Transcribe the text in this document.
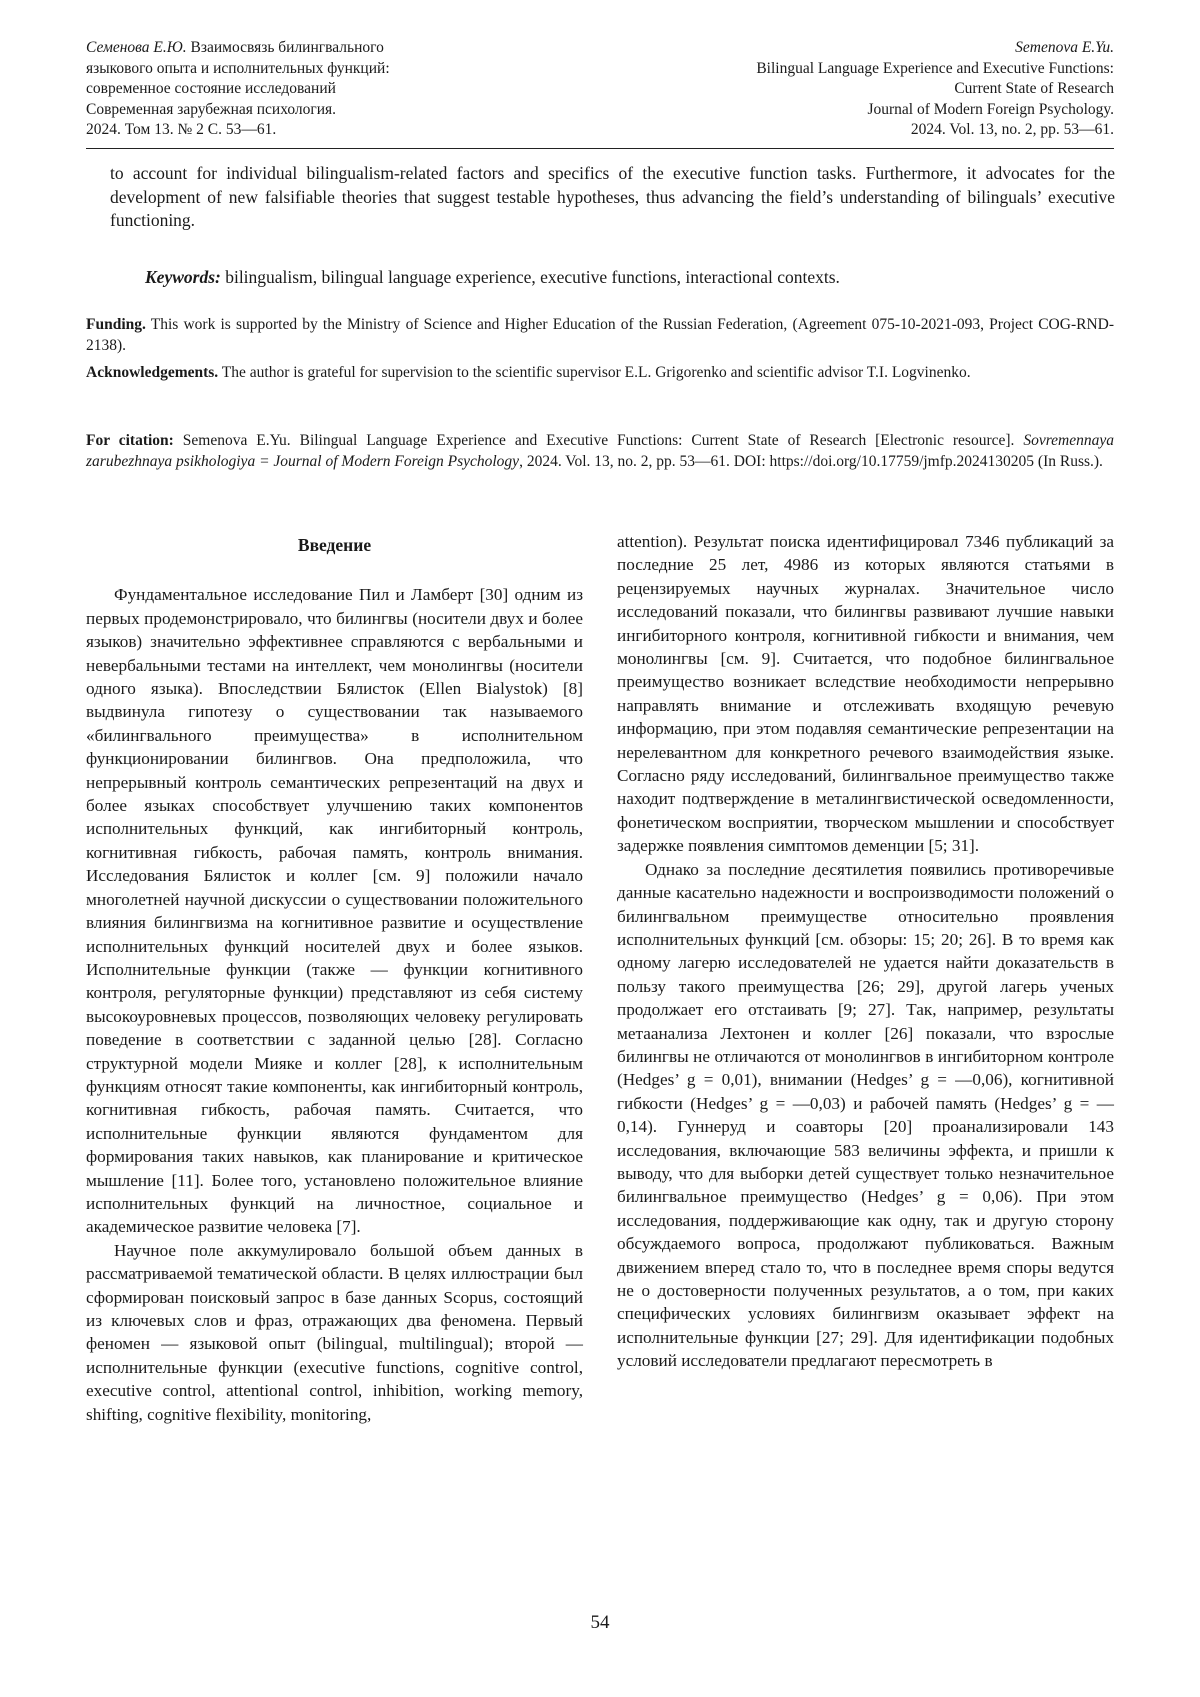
Семенова Е.Ю. Взаимосвязь билингвального
языкового опыта и исполнительных функций:
современное состояние исследований
Современная зарубежная психология.
2024. Том 13. № 2 С. 53—61.
Semenova E.Yu.
Bilingual Language Experience and Executive Functions:
Current State of Research
Journal of Modern Foreign Psychology.
2024. Vol. 13, no. 2, pp. 53—61.
to account for individual bilingualism-related factors and specifics of the executive function tasks. Furthermore, it advocates for the development of new falsifiable theories that suggest testable hypotheses, thus advancing the field’s understanding of bilinguals’ executive functioning.
Keywords: bilingualism, bilingual language experience, executive functions, interactional contexts.
Funding. This work is supported by the Ministry of Science and Higher Education of the Russian Federation, (Agreement 075-10-2021-093, Project COG-RND-2138).
Acknowledgements. The author is grateful for supervision to the scientific supervisor E.L. Grigorenko and scientific advisor T.I. Logvinenko.
For citation: Semenova E.Yu. Bilingual Language Experience and Executive Functions: Current State of Research [Electronic resource]. Sovremennaya zarubezhnaya psikhologiya = Journal of Modern Foreign Psychology, 2024. Vol. 13, no. 2, pp. 53—61. DOI: https://doi.org/10.17759/jmfp.2024130205 (In Russ.).
Введение

Фундаментальное исследование Пил и Ламберт [30] одним из первых продемонстрировало, что билингвы (носители двух и более языков) значительно эффективнее справляются с вербальными и невербальными тестами на интеллект, чем монолингвы (носители одного языка). Впоследствии Бялисток (Ellen Bialystok) [8] выдвинула гипотезу о существовании так называемого «билингвального преимущества» в исполнительном функционировании билингвов. Она предположила, что непрерывный контроль семантических репрезентаций на двух и более языках способствует улучшению таких компонентов исполнительных функций, как ингибиторный контроль, когнитивная гибкость, рабочая память, контроль внимания. Исследования Бялисток и коллег [см. 9] положили начало многолетней научной дискуссии о существовании положительного влияния билингвизма на когнитивное развитие и осуществление исполнительных функций носителей двух и более языков. Исполнительные функции (также — функции когнитивного контроля, регуляторные функции) представляют из себя систему высокоуровневых процессов, позволяющих человеку регулировать поведение в соответствии с заданной целью [28]. Согласно структурной модели Мияке и коллег [28], к исполнительным функциям относят такие компоненты, как ингибиторный контроль, когнитивная гибкость, рабочая память. Считается, что исполнительные функции являются фундаментом для формирования таких навыков, как планирование и критическое мышление [11]. Более того, установлено положительное влияние исполнительных функций на личностное, социальное и академическое развитие человека [7].

Научное поле аккумулировало большой объем данных в рассматриваемой тематической области. В целях иллюстрации был сформирован поисковый запрос в базе данных Scopus, состоящий из ключевых слов и фраз, отражающих два феномена. Первый феномен — языковой опыт (bilingual, multilingual); второй — исполнительные функции (executive functions, cognitive control, executive control, attentional control, inhibition, working memory, shifting, cognitive flexibility, monitoring,

attention). Результат поиска идентифицировал 7346 публикаций за последние 25 лет, 4986 из которых являются статьями в рецензируемых научных журналах. Значительное число исследований показали, что билингвы развивают лучшие навыки ингибиторного контроля, когнитивной гибкости и внимания, чем монолингвы [см. 9]. Считается, что подобное билингвальное преимущество возникает вследствие необходимости непрерывно направлять внимание и отслеживать входящую речевую информацию, при этом подавляя семантические репрезентации на нерелевантном для конкретного речевого взаимодействия языке. Согласно ряду исследований, билингвальное преимущество также находит подтверждение в металингвистической осведомленности, фонетическом восприятии, творческом мышлении и способствует задержке появления симптомов деменции [5; 31].

Однако за последние десятилетия появились противоречивые данные касательно надежности и воспроизводимости положений о билингвальном преимуществе относительно проявления исполнительных функций [см. обзоры: 15; 20; 26]. В то время как одному лагерю исследователей не удается найти доказательств в пользу такого преимущества [26; 29], другой лагерь ученых продолжает его отстаивать [9; 27]. Так, например, результаты метаанализа Лехтонен и коллег [26] показали, что взрослые билингвы не отличаются от монолингвов в ингибиторном контроле (Hedges’ g = 0,01), внимании (Hedges’ g = —0,06), когнитивной гибкости (Hedges’ g = —0,03) и рабочей память (Hedges’ g = —0,14). Гуннеруд и соавторы [20] проанализировали 143 исследования, включающие 583 величины эффекта, и пришли к выводу, что для выборки детей существует только незначительное билингвальное преимущество (Hedges’ g = 0,06). При этом исследования, поддерживающие как одну, так и другую сторону обсуждаемого вопроса, продолжают публиковаться. Важным движением вперед стало то, что в последнее время споры ведутся не о достоверности полученных результатов, а о том, при каких специфических условиях билингвизм оказывает эффект на исполнительные функции [27; 29]. Для идентификации подобных условий исследователи предлагают пересмотреть в

54
